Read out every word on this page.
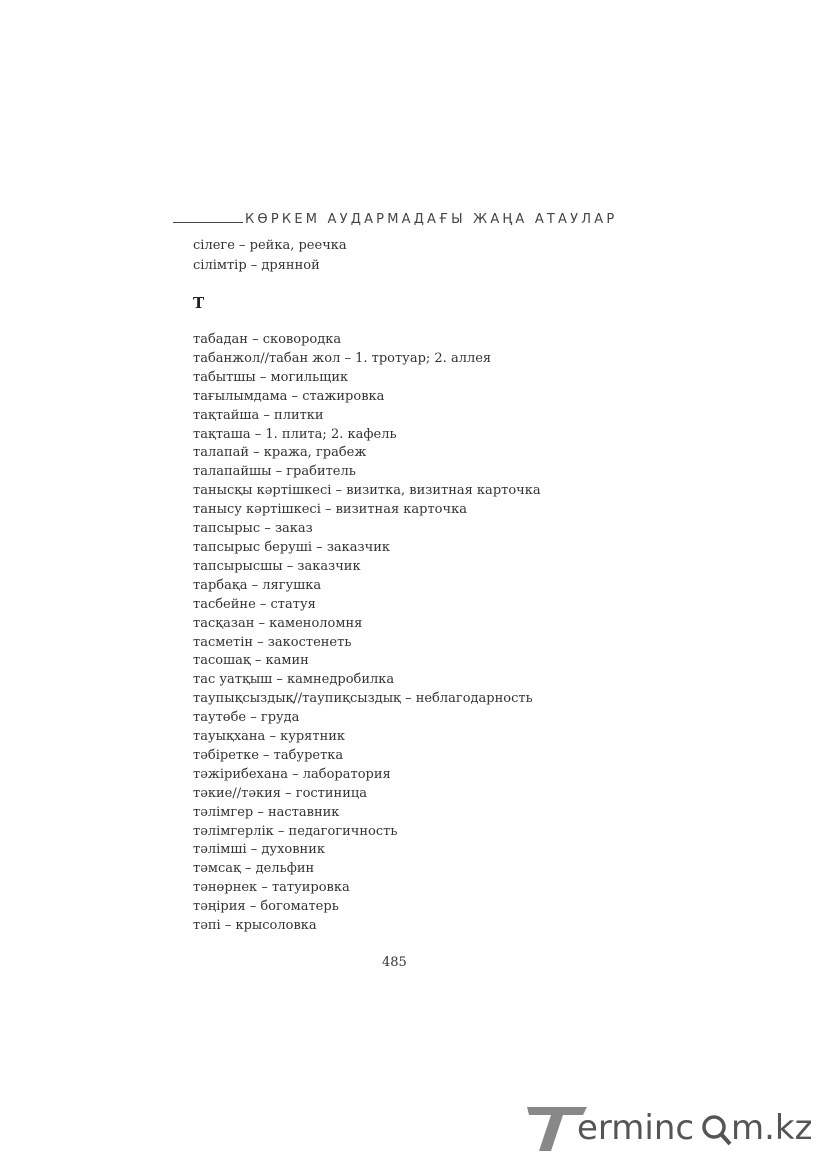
КӨРКЕМ АУДАРМАДАҒЫ ЖАҢА АТАУЛАР
сілеге – рейка, реечка
сілімтір – дрянной
Т
табадан – сковородка
табанжол//табан жол – 1. тротуар; 2. аллея
табытшы – могильщик
тағылымдама – стажировка
тақтайша – плитки
тақташа – 1. плита; 2. кафель
талапай – кража, грабеж
талапайшы – грабитель
танысқы кәртішкесі – визитка, визитная карточка
танысу кәртішкесі – визитная карточка
тапсырыс – заказ
тапсырыс беруші – заказчик
тапсырысшы – заказчик
тарбақа – лягушка
тасбейне – статуя
тасқазан – каменоломня
тасметін – закостенеть
тасошақ – камин
тас уатқыш – камнедробилка
таупықсыздық//таупиқсыздық – неблагодарность
таутөбе – груда
тауықхана – курятник
тәбіретке – табуретка
тәжірибехана – лаборатория
тәкие//тәкия – гостиница
тәлімгер – наставник
тәлімгерлік – педагогичность
тәлімші – духовник
тәмсақ – дельфин
тәнөрнек – татуировка
тәңірия – богоматерь
тәпі – крысоловка
485
erminc m.kz
